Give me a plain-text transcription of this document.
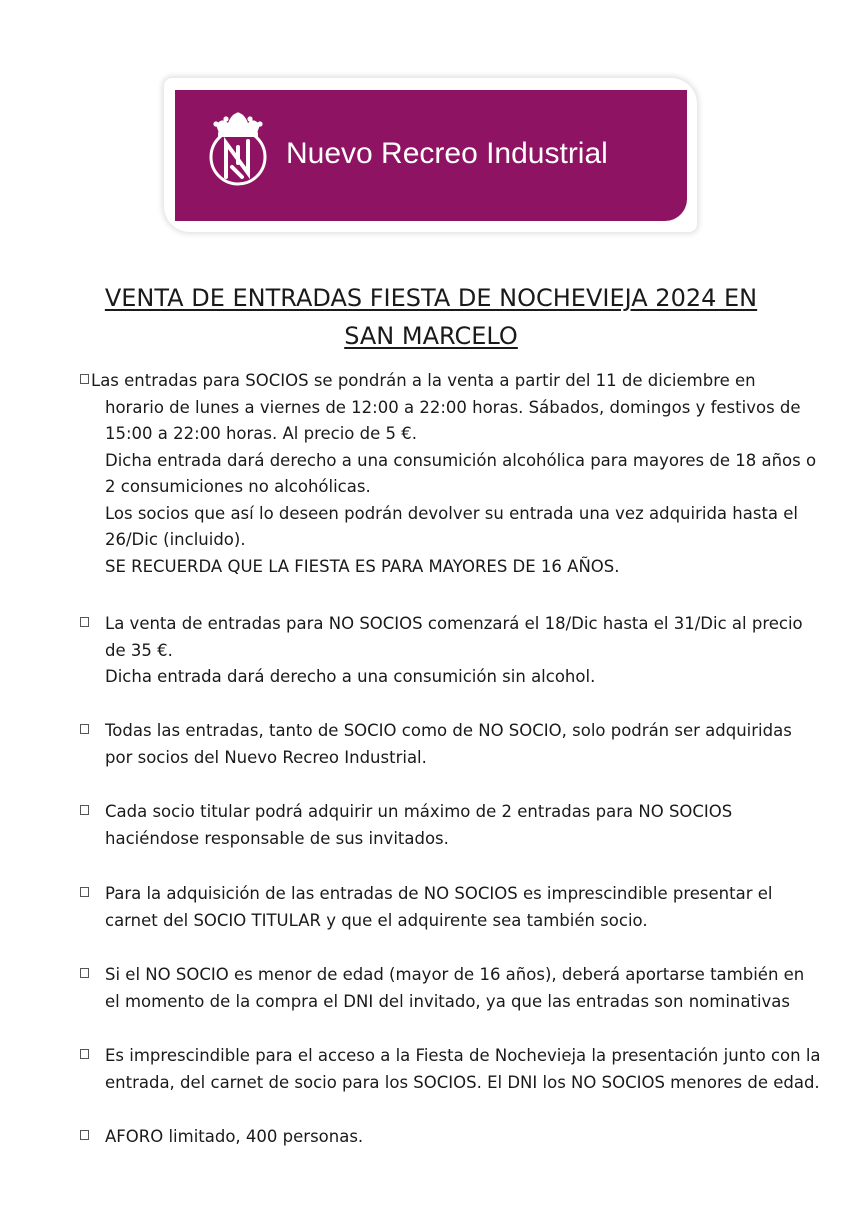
Nuevo Recreo Industrial
VENTA DE ENTRADAS FIESTA DE NOCHEVIEJA 2024 EN
SAN MARCELO

Las entradas para SOCIOS se pondrán a la venta a partir del 11 de diciembre en

horario de lunes a viernes de 12:00 a 22:00 horas. Sábados, domingos y festivos de

15:00 a 22:00 horas. Al precio de 5 €.

Dicha entrada dará derecho a una consumición alcohólica para mayores de 18 años o

2 consumiciones no alcohólicas.

Los socios que así lo deseen podrán devolver su entrada una vez adquirida hasta el

26/Dic (incluido).

SE RECUERDA QUE LA FIESTA ES PARA MAYORES DE 16 AÑOS.

La venta de entradas para NO SOCIOS comenzará el 18/Dic hasta el 31/Dic al precio

de 35 €.

Dicha entrada dará derecho a una consumición sin alcohol.

Todas las entradas, tanto de SOCIO como de NO SOCIO, solo podrán ser adquiridas

por socios del Nuevo Recreo Industrial.

Cada socio titular podrá adquirir un máximo de 2 entradas para NO SOCIOS

haciéndose responsable de sus invitados.

Para la adquisición de las entradas de NO SOCIOS es imprescindible presentar el

carnet del SOCIO TITULAR y que el adquirente sea también socio.

Si el NO SOCIO es menor de edad (mayor de 16 años), deberá aportarse también en

el momento de la compra el DNI del invitado, ya que las entradas son nominativas

Es imprescindible para el acceso a la Fiesta de Nochevieja la presentación junto con la

entrada, del carnet de socio para los SOCIOS. El DNI los NO SOCIOS menores de edad.

AFORO limitado, 400 personas.
